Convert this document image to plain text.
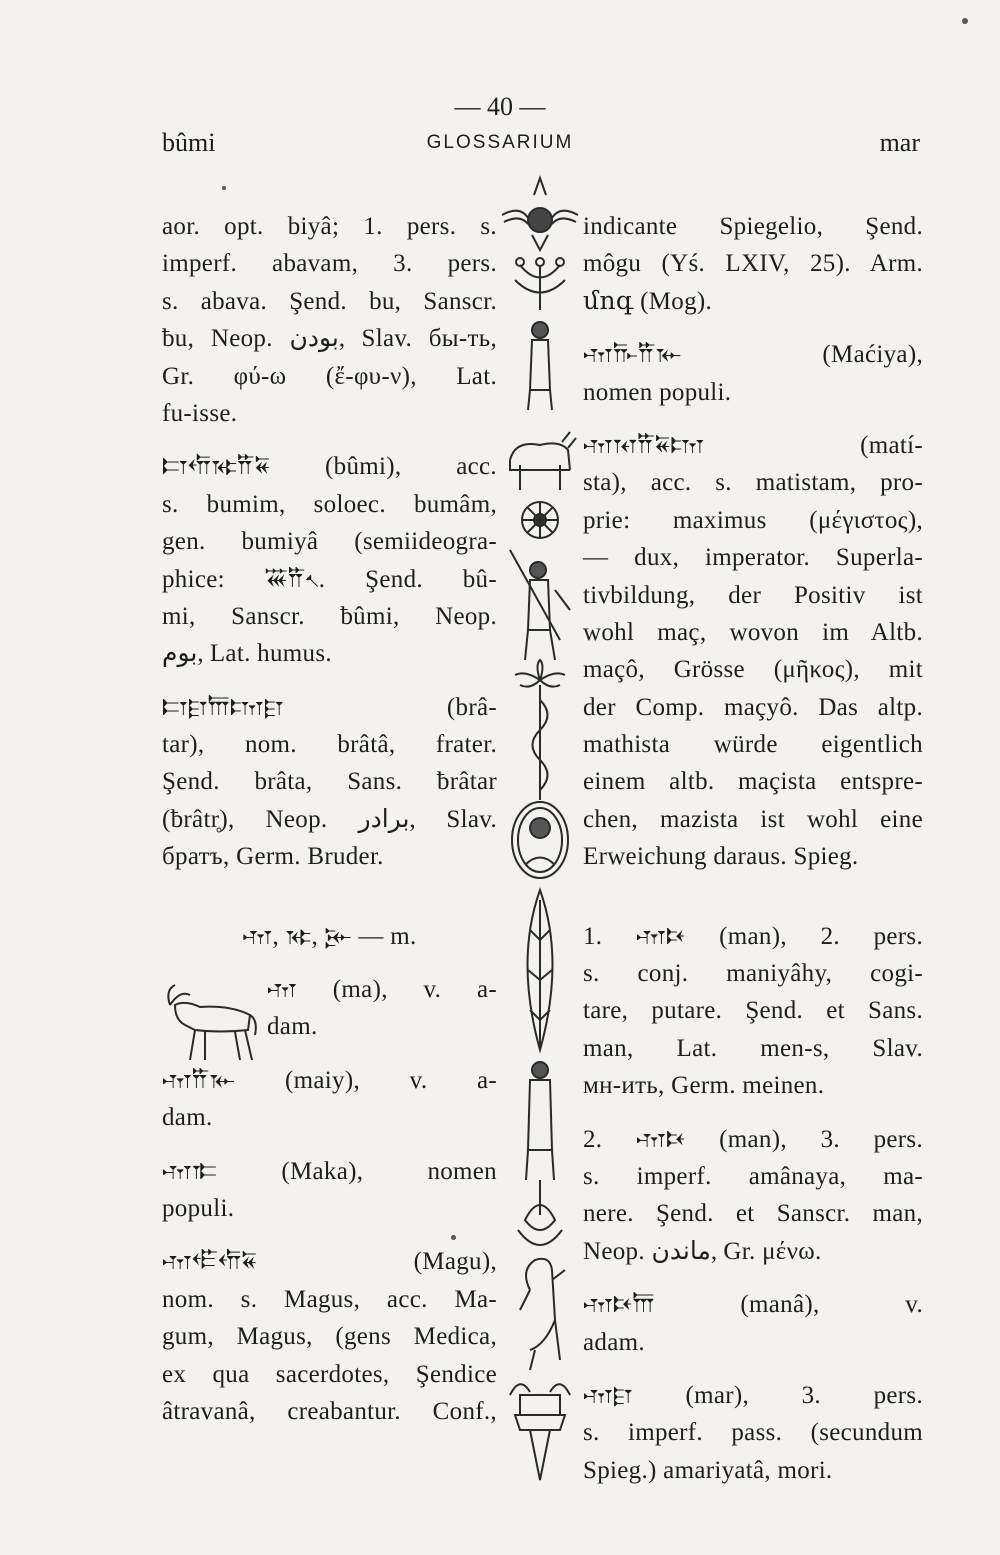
— 40 —
bûmi	GLOSSARIUM	mar
aor. opt. biyâ; 1. pers. s.
imperf. abavam, 3. pers.
s. abava. Şend. bu, Sanscr.
ƀu, Neop. بودن, Slav. бы-ть,
Gr. φύ-ω (ἔ-φυ-ν), Lat.
fu-isse.
𐎲𐎢𐎷𐎡𐏁 (bûmi), acc.
s. bumim, soloec. bumâm,
gen. bumiyâ (semiideogra-
phice: 𐏏𐎡𐏐. Şend. bû-
mi, Sanscr. ƀûmi, Neop.
بوم, Lat. humus.
𐎲𐎼𐎠𐎫𐎼 (brâ-
tar), nom. brâtâ, frater.
Şend. brâta, Sans. ƀrâtar
(ƀrâtr̥), Neop. برادر, Slav.
братъ, Germ. Bruder.
𐎶, 𐎷, 𐎸 — m.
𐎶 (ma), v. a-
dam.
𐎶𐎡𐎹 (maiy), v. a-
dam.
𐎶𐎣 (Maka), nomen
populi.
𐎶𐎦𐎢𐏁 (Magu),
nom. s. Magus, acc. Ma-
gum, Magus, (gens Medica,
ex qua sacerdotes, Şendice
âtravanâ, creabantur. Conf.,
indicante Spiegelio, Şend.
môgu (Yś. LXIV, 25). Arm.
մոգ (Mog).
𐎶𐎨𐎡𐎹 (Maćiya),
nomen populi.
𐎶𐎰𐎡𐏁𐎫 (matí-
sta), acc. s. matistam, pro-
prie: maximus (μέγιστος),
— dux, imperator. Superla-
tivbildung, der Positiv ist
wohl maç, wovon im Altb.
maçô, Grösse (μῆκος), mit
der Comp. maçyô. Das altp.
mathista würde eigentlich
einem altb. maçista entspre-
chen, mazista ist wohl eine
Erweichung daraus. Spieg.
1. 𐎶𐎴 (man), 2. pers.
s. conj. maniyâhy, cogi-
tare, putare. Şend. et Sans.
man, Lat. men-s, Slav.
мн-ить, Germ. meinen.
2. 𐎶𐎴 (man), 3. pers.
s. imperf. amânaya, ma-
nere. Şend. et Sanscr. man,
Neop. ماندن, Gr. μένω.
𐎶𐎴𐎠 (manâ), v.
adam.
𐎶𐎼 (mar), 3. pers.
s. imperf. pass. (secundum
Spieg.) amariyatâ, mori.
